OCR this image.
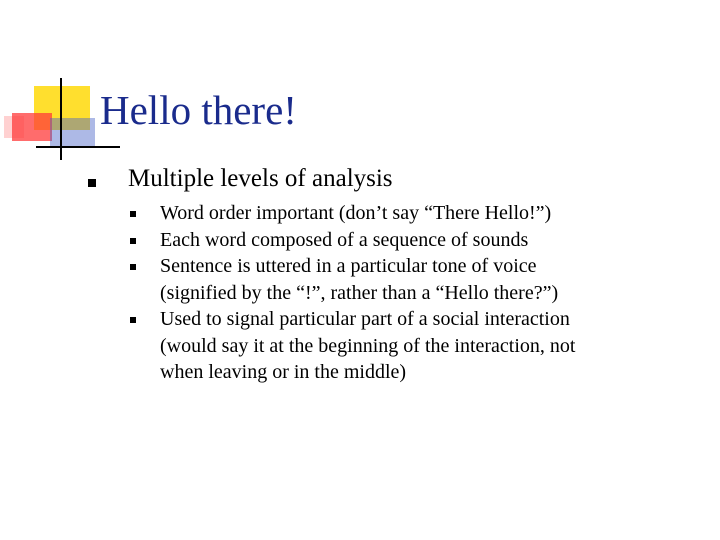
Hello there!
Multiple levels of analysis
Word order important (don’t say “There Hello!”)
Each word composed of a sequence of sounds
Sentence is uttered in a particular tone of voice
(signified by the “!”, rather than a “Hello there?”)
Used to signal particular part of a social interaction
(would say it at the beginning of the interaction, not
when leaving or in the middle)
